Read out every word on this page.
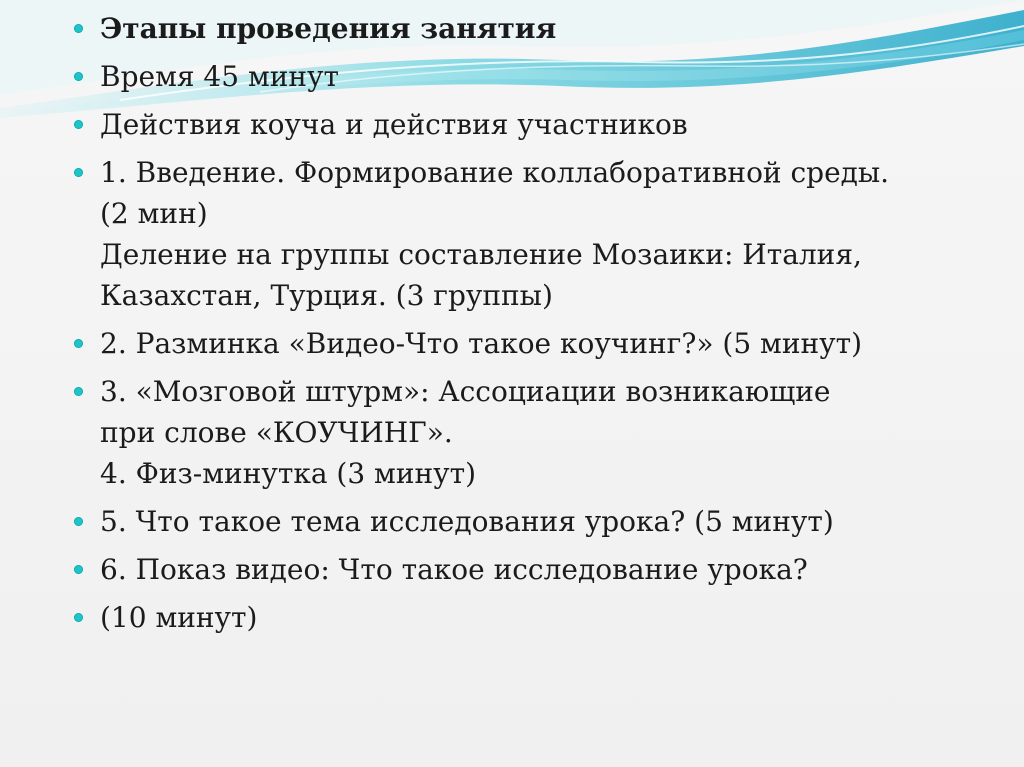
Этапы проведения занятия
Время 45 минут
Действия коуча и действия участников
1. Введение. Формирование коллаборативной среды.
(2 мин)
Деление на группы составление Мозаики: Италия,
Казахстан, Турция. (3 группы)
2. Разминка «Видео-Что такое коучинг?» (5 минут)
3. «Мозговой штурм»: Ассоциации возникающие
при слове «КОУЧИНГ».
4. Физ-минутка (3 минут)
5. Что такое тема исследования урока? (5 минут)
6. Показ видео: Что такое исследование урока?
(10 минут)
